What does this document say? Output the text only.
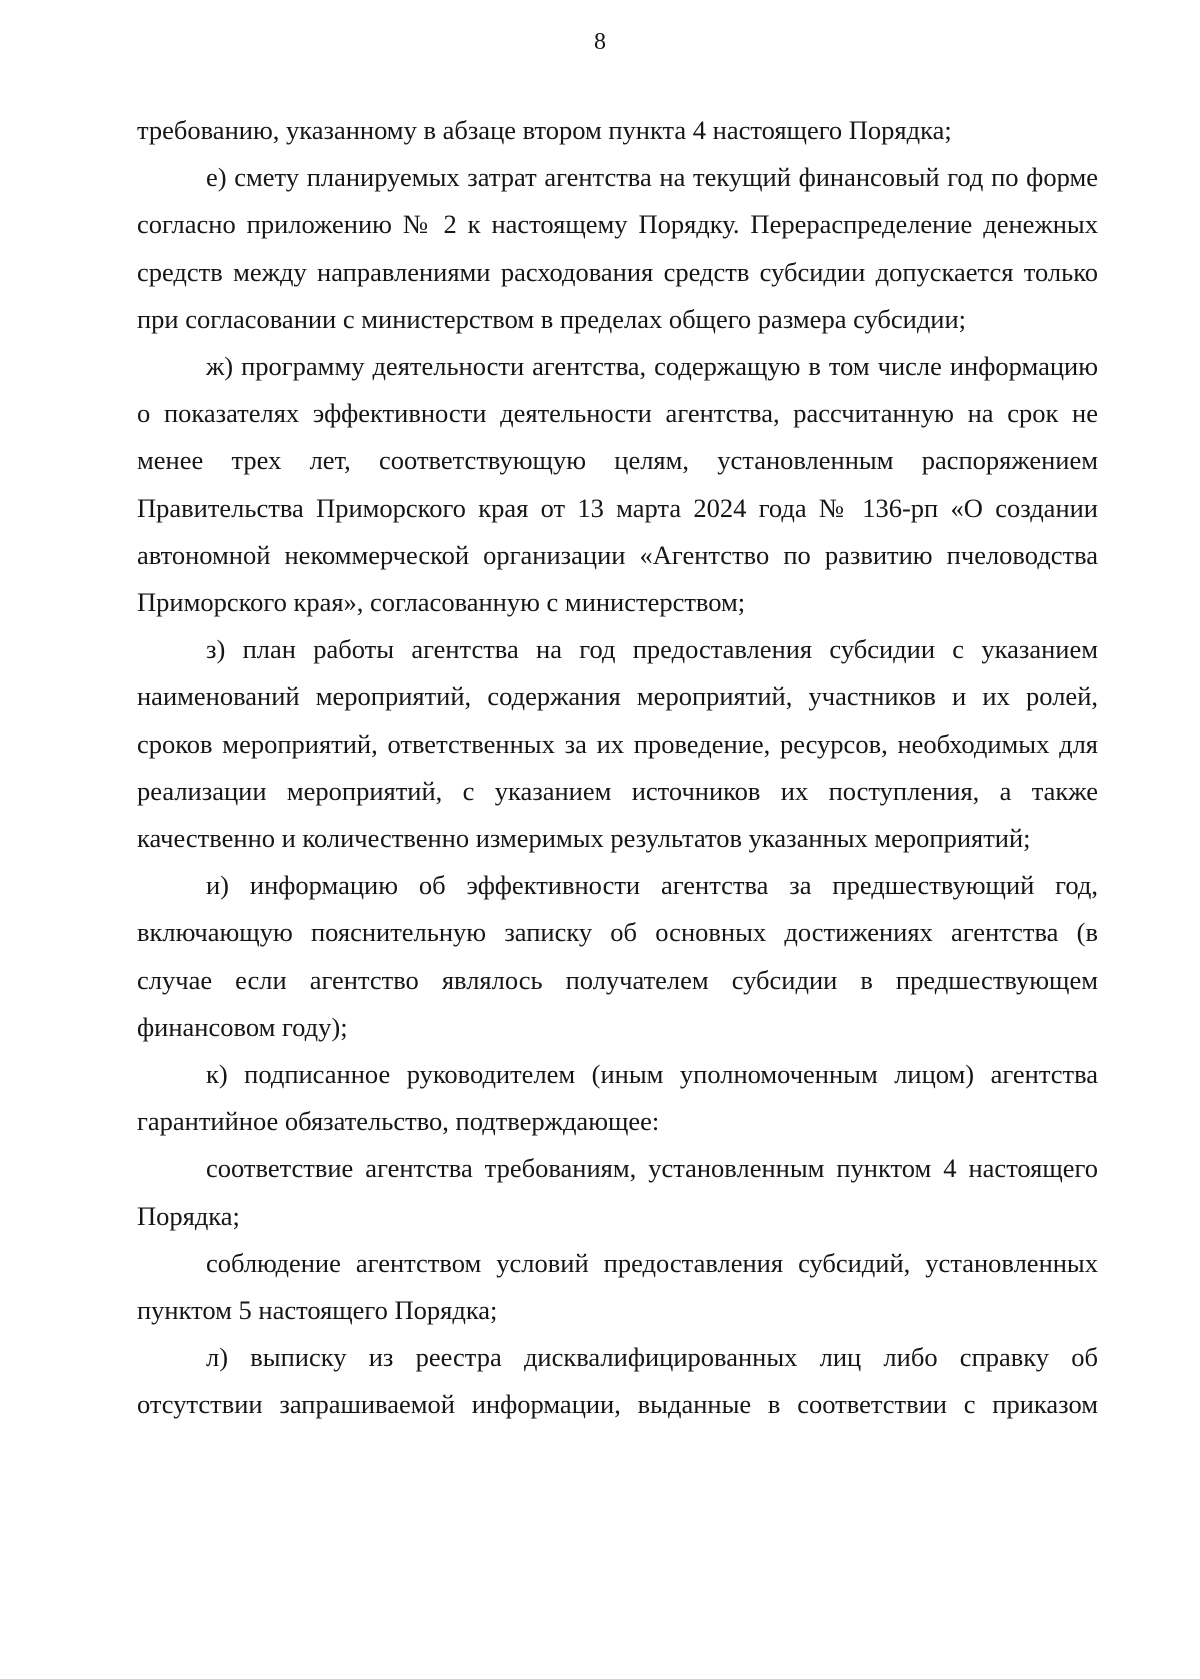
8

требованию, указанному в абзаце втором пункта 4 настоящего Порядка;

е) смету планируемых затрат агентства на текущий финансовый год по форме согласно приложению № 2 к настоящему Порядку. Перераспределение денежных средств между направлениями расходования средств субсидии допускается только при согласовании с министерством в пределах общего размера субсидии;

ж) программу деятельности агентства, содержащую в том числе информацию о показателях эффективности деятельности агентства, рассчитанную на срок не менее трех лет, соответствующую целям, установленным распоряжением Правительства Приморского края от 13 марта 2024 года № 136-рп «О создании автономной некоммерческой организации «Агентство по развитию пчеловодства Приморского края», согласованную с министерством;

з) план работы агентства на год предоставления субсидии с указанием наименований мероприятий, содержания мероприятий, участников и их ролей, сроков мероприятий, ответственных за их проведение, ресурсов, необходимых для реализации мероприятий, с указанием источников их поступления, а также качественно и количественно измеримых результатов указанных мероприятий;

и) информацию об эффективности агентства за предшествующий год, включающую пояснительную записку об основных достижениях агентства (в случае если агентство являлось получателем субсидии в предшествующем финансовом году);

к) подписанное руководителем (иным уполномоченным лицом) агентства гарантийное обязательство, подтверждающее:

соответствие агентства требованиям, установленным пунктом 4 настоящего Порядка;

соблюдение агентством условий предоставления субсидий, установленных пунктом 5 настоящего Порядка;

л) выписку из реестра дисквалифицированных лиц либо справку об отсутствии запрашиваемой информации, выданные в соответствии с приказом
